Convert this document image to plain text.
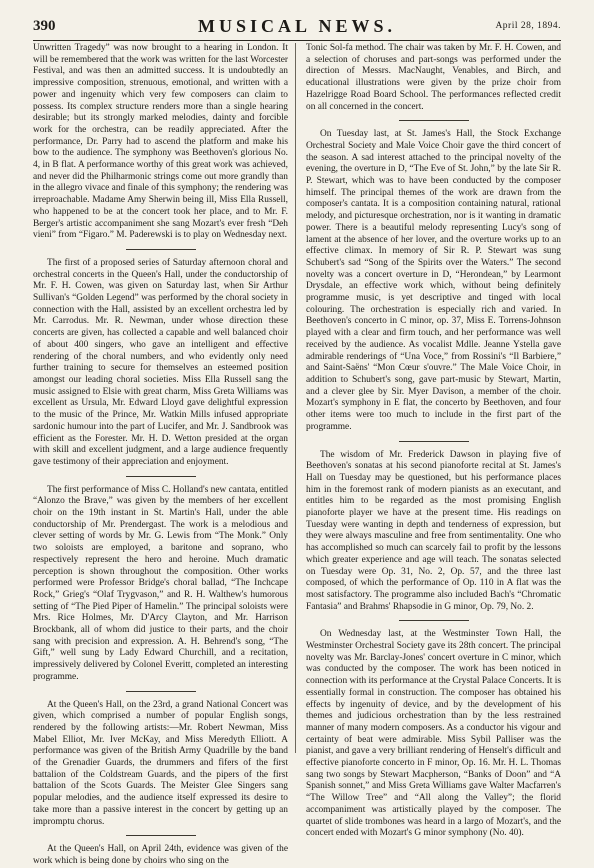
390	MUSICAL NEWS.	April 28, 1894.

Unwritten Tragedy” was now brought to a hearing in London. It will be remembered that the work was written for the last Worcester Festival, and was then an admitted success. It is undoubtedly an impressive composition, strenuous, emotional, and written with a power and ingenuity which very few composers can claim to possess. Its complex structure renders more than a single hearing desirable; but its strongly marked melodies, dainty and forcible work for the orchestra, can be readily appreciated. After the performance, Dr. Parry had to ascend the platform and make his bow to the audience. The symphony was Beethoven's glorious No. 4, in B flat. A performance worthy of this great work was achieved, and never did the Philharmonic strings come out more grandly than in the allegro vivace and finale of this symphony; the rendering was irreproachable. Madame Amy Sherwin being ill, Miss Ella Russell, who happened to be at the concert took her place, and to Mr. F. Berger's artistic accompaniment she sang Mozart's ever fresh “Deh vieni” from “Figaro.” M. Paderewski is to play on Wednesday next.

The first of a proposed series of Saturday afternoon choral and orchestral concerts in the Queen's Hall, under the conductorship of Mr. F. H. Cowen, was given on Saturday last, when Sir Arthur Sullivan's “Golden Legend” was performed by the choral society in connection with the Hall, assisted by an excellent orchestra led by Mr. Carrodus. Mr. R. Newman, under whose direction these concerts are given, has collected a capable and well balanced choir of about 400 singers, who gave an intelligent and effective rendering of the choral numbers, and who evidently only need further training to secure for themselves an esteemed position amongst our leading choral societies. Miss Ella Russell sang the music assigned to Elsie with great charm, Miss Greta Williams was excellent as Ursula, Mr. Edward Lloyd gave delightful expression to the music of the Prince, Mr. Watkin Mills infused appropriate sardonic humour into the part of Lucifer, and Mr. J. Sandbrook was efficient as the Forester. Mr. H. D. Wetton presided at the organ with skill and excellent judgment, and a large audience frequently gave testimony of their appreciation and enjoyment.

The first performance of Miss C. Holland's new cantata, entitled “Alonzo the Brave,” was given by the members of her excellent choir on the 19th instant in St. Martin's Hall, under the able conductorship of Mr. Prendergast. The work is a melodious and clever setting of words by Mr. G. Lewis from “The Monk.” Only two soloists are employed, a baritone and soprano, who respectively represent the hero and heroine. Much dramatic perception is shown throughout the composition. Other works performed were Professor Bridge's choral ballad, “The Inchcape Rock,” Grieg's “Olaf Trygvason,” and R. H. Walthew's humorous setting of “The Pied Piper of Hamelin.” The principal soloists were Mrs. Rice Holmes, Mr. D'Arcy Clayton, and Mr. Harrison Brockbank, all of whom did justice to their parts, and the choir sang with precision and expression. A. H. Behrend's song, “The Gift,” well sung by Lady Edward Churchill, and a recitation, impressively delivered by Colonel Everitt, completed an interesting programme.

At the Queen's Hall, on the 23rd, a grand National Concert was given, which comprised a number of popular English songs, rendered by the following artists:—Mr. Robert Newman, Miss Mabel Elliot, Mr. Iver McKay, and Miss Meredyth Elliott. A performance was given of the British Army Quadrille by the band of the Grenadier Guards, the drummers and fifers of the first battalion of the Coldstream Guards, and the pipers of the first battalion of the Scots Guards. The Meister Glee Singers sang popular melodies, and the audience itself expressed its desire to take more than a passive interest in the concert by getting up an impromptu chorus.

At the Queen's Hall, on April 24th, evidence was given of the work which is being done by choirs who sing on the

Tonic Sol-fa method. The chair was taken by Mr. F. H. Cowen, and a selection of choruses and part-songs was performed under the direction of Messrs. MacNaught, Venables, and Birch, and educational illustrations were given by the prize choir from Hazelrigge Road Board School. The performances reflected credit on all concerned in the concert.

On Tuesday last, at St. James's Hall, the Stock Exchange Orchestral Society and Male Voice Choir gave the third concert of the season. A sad interest attached to the principal novelty of the evening, the overture in D, “The Eve of St. John,” by the late Sir R. P. Stewart, which was to have been conducted by the composer himself. The principal themes of the work are drawn from the composer's cantata. It is a composition containing natural, rational melody, and picturesque orchestration, nor is it wanting in dramatic power. There is a beautiful melody representing Lucy's song of lament at the absence of her lover, and the overture works up to an effective climax. In memory of Sir R. P. Stewart was sung Schubert's sad “Song of the Spirits over the Waters.” The second novelty was a concert overture in D, “Herondean,” by Learmont Drysdale, an effective work which, without being definitely programme music, is yet descriptive and tinged with local colouring. The orchestration is especially rich and varied. In Beethoven's concerto in C minor, op. 37, Miss E. Torrens-Johnson played with a clear and firm touch, and her performance was well received by the audience. As vocalist Mdlle. Jeanne Ystella gave admirable renderings of “Una Voce,” from Rossini's “Il Barbiere,” and Saint-Saëns' “Mon Cœur s'ouvre.” The Male Voice Choir, in addition to Schubert's song, gave part-music by Stewart, Martin, and a clever glee by Sir. Myer Davison, a member of the choir. Mozart's symphony in E flat, the concerto by Beethoven, and four other items were too much to include in the first part of the programme.

The wisdom of Mr. Frederick Dawson in playing five of Beethoven's sonatas at his second pianoforte recital at St. James's Hall on Tuesday may be questioned, but his performance places him in the foremost rank of modern pianists as an executant, and entitles him to be regarded as the most promising English pianoforte player we have at the present time. His readings on Tuesday were wanting in depth and tenderness of expression, but they were always masculine and free from sentimentality. One who has accomplished so much can scarcely fail to profit by the lessons which greater experience and age will teach. The sonatas selected on Tuesday were Op. 31, No. 2, Op. 57, and the three last composed, of which the performance of Op. 110 in A flat was the most satisfactory. The programme also included Bach's “Chromatic Fantasia” and Brahms' Rhapsodie in G minor, Op. 79, No. 2.

On Wednesday last, at the Westminster Town Hall, the Westminster Orchestral Society gave its 28th concert. The principal novelty was Mr. Barclay-Jones' concert overture in C minor, which was conducted by the composer. The work has been noticed in connection with its performance at the Crystal Palace Concerts. It is essentially formal in construction. The composer has obtained his effects by ingenuity of device, and by the development of his themes and judicious orchestration than by the less restrained manner of many modern composers. As a conductor his vigour and certainty of beat were admirable. Miss Sybil Palliser was the pianist, and gave a very brilliant rendering of Henselt's difficult and effective pianoforte concerto in F minor, Op. 16. Mr. H. L. Thomas sang two songs by Stewart Macpherson, “Banks of Doon” and “A Spanish sonnet,” and Miss Greta Williams gave Walter Macfarren's “The Willow Tree” and “All along the Valley”; the florid accompaniment was artistically played by the composer. The quartet of slide trombones was heard in a largo of Mozart's, and the concert ended with Mozart's G minor symphony (No. 40).
